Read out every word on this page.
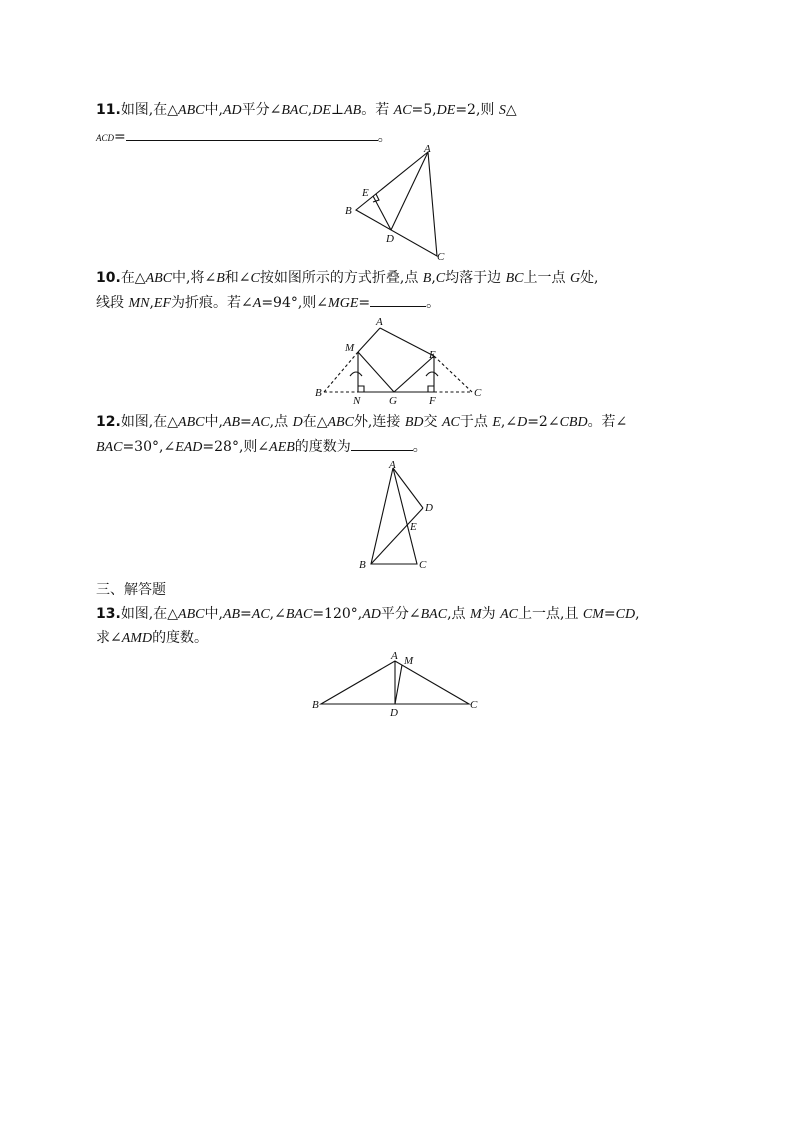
11.如图,在△ABC中,AD平分∠BAC,DE⊥AB。若 AC=5,DE=2,则 S△
ACD=	。
A
B
C
D
E
10.在△ABC中,将∠B和∠C按如图所示的方式折叠,点 B,C均落于边 BC上一点 G处,
线段 MN,EF为折痕。若∠A=94°,则∠MGE=	。
A
M
E
B	C
N	G	F
12.如图,在△ABC中,AB=AC,点 D在△ABC外,连接 BD交 AC于点 E,∠D=2∠CBD。若∠
BAC=30°,∠EAD=28°,则∠AEB的度数为	。
A
D
E
B	C
三、解答题
13.如图,在△ABC中,AB=AC,∠BAC=120°,AD平分∠BAC,点 M为 AC上一点,且 CM=CD,
求∠AMD的度数。
A M
B	C
D
